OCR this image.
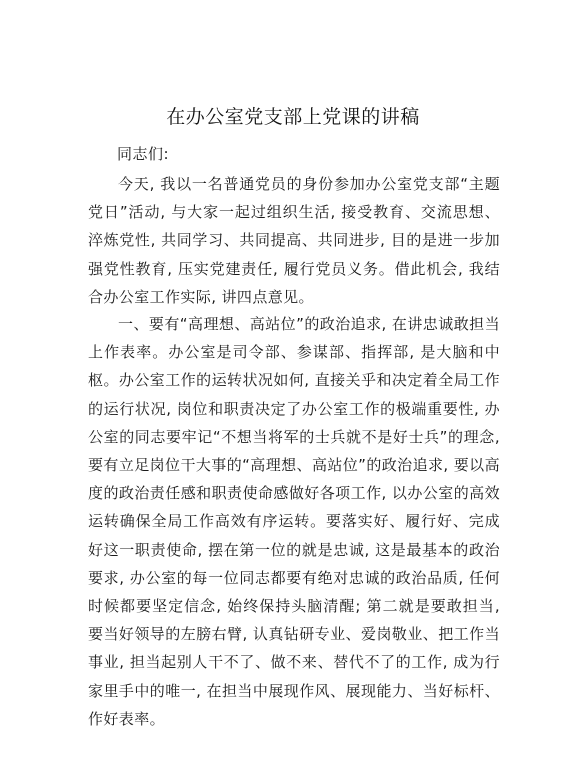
在办公室党支部上党课的讲稿
同志们:

今天, 我以一名普通党员的身份参加办公室党支部“主题党日”活动, 与大家一起过组织生活, 接受教育、交流思想、淬炼党性, 共同学习、共同提高、共同进步, 目的是进一步加强党性教育, 压实党建责任, 履行党员义务。借此机会, 我结合办公室工作实际, 讲四点意见。

一、要有“高理想、高站位”的政治追求, 在讲忠诚敢担当上作表率。办公室是司令部、参谋部、指挥部, 是大脑和中枢。办公室工作的运转状况如何, 直接关乎和决定着全局工作的运行状况, 岗位和职责决定了办公室工作的极端重要性, 办公室的同志要牢记“不想当将军的士兵就不是好士兵”的理念, 要有立足岗位干大事的“高理想、高站位”的政治追求, 要以高度的政治责任感和职责使命感做好各项工作, 以办公室的高效运转确保全局工作高效有序运转。要落实好、履行好、完成好这一职责使命, 摆在第一位的就是忠诚, 这是最基本的政治要求, 办公室的每一位同志都要有绝对忠诚的政治品质, 任何时候都要坚定信念, 始终保持头脑清醒; 第二就是要敢担当, 要当好领导的左膀右臂, 认真钻研专业、爱岗敬业、把工作当事业, 担当起别人干不了、做不来、替代不了的工作, 成为行家里手中的唯一, 在担当中展现作风、展现能力、当好标杆、作好表率。
